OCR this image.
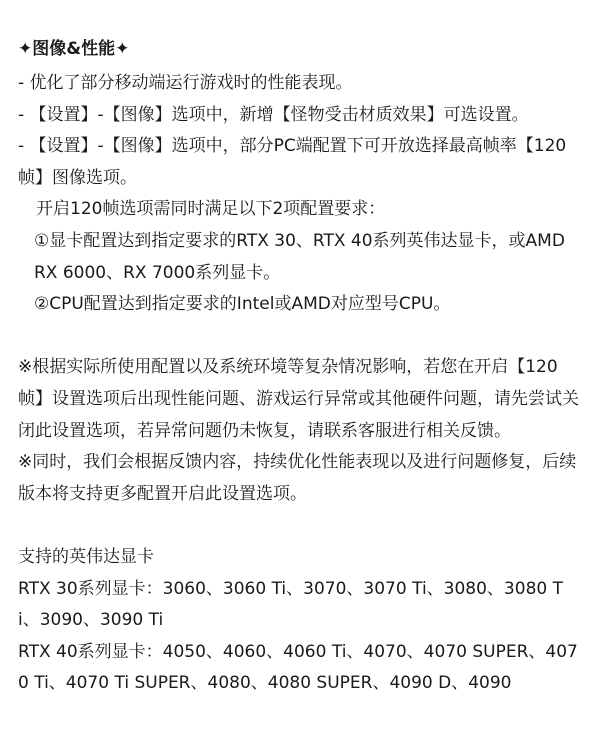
✦图像&性能✦
- 优化了部分移动端运行游戏时的性能表现。
- 【设置】-【图像】选项中，新增【怪物受击材质效果】可选设置。
- 【设置】-【图像】选项中，部分PC端配置下可开放选择最高帧率【120帧】图像选项。
开启120帧选项需同时满足以下2项配置要求：
①显卡配置达到指定要求的RTX 30、RTX 40系列英伟达显卡，或AMD RX 6000、RX 7000系列显卡。
②CPU配置达到指定要求的Intel或AMD对应型号CPU。
※根据实际所使用配置以及系统环境等复杂情况影响，若您在开启【120帧】设置选项后出现性能问题、游戏运行异常或其他硬件问题，请先尝试关闭此设置选项，若异常问题仍未恢复，请联系客服进行相关反馈。
※同时，我们会根据反馈内容，持续优化性能表现以及进行问题修复，后续版本将支持更多配置开启此设置选项。
支持的英伟达显卡
RTX 30系列显卡：3060、3060 Ti、3070、3070 Ti、3080、3080 Ti、3090、3090 Ti
RTX 40系列显卡：4050、4060、4060 Ti、4070、4070 SUPER、4070 Ti、4070 Ti SUPER、4080、4080 SUPER、4090 D、4090
